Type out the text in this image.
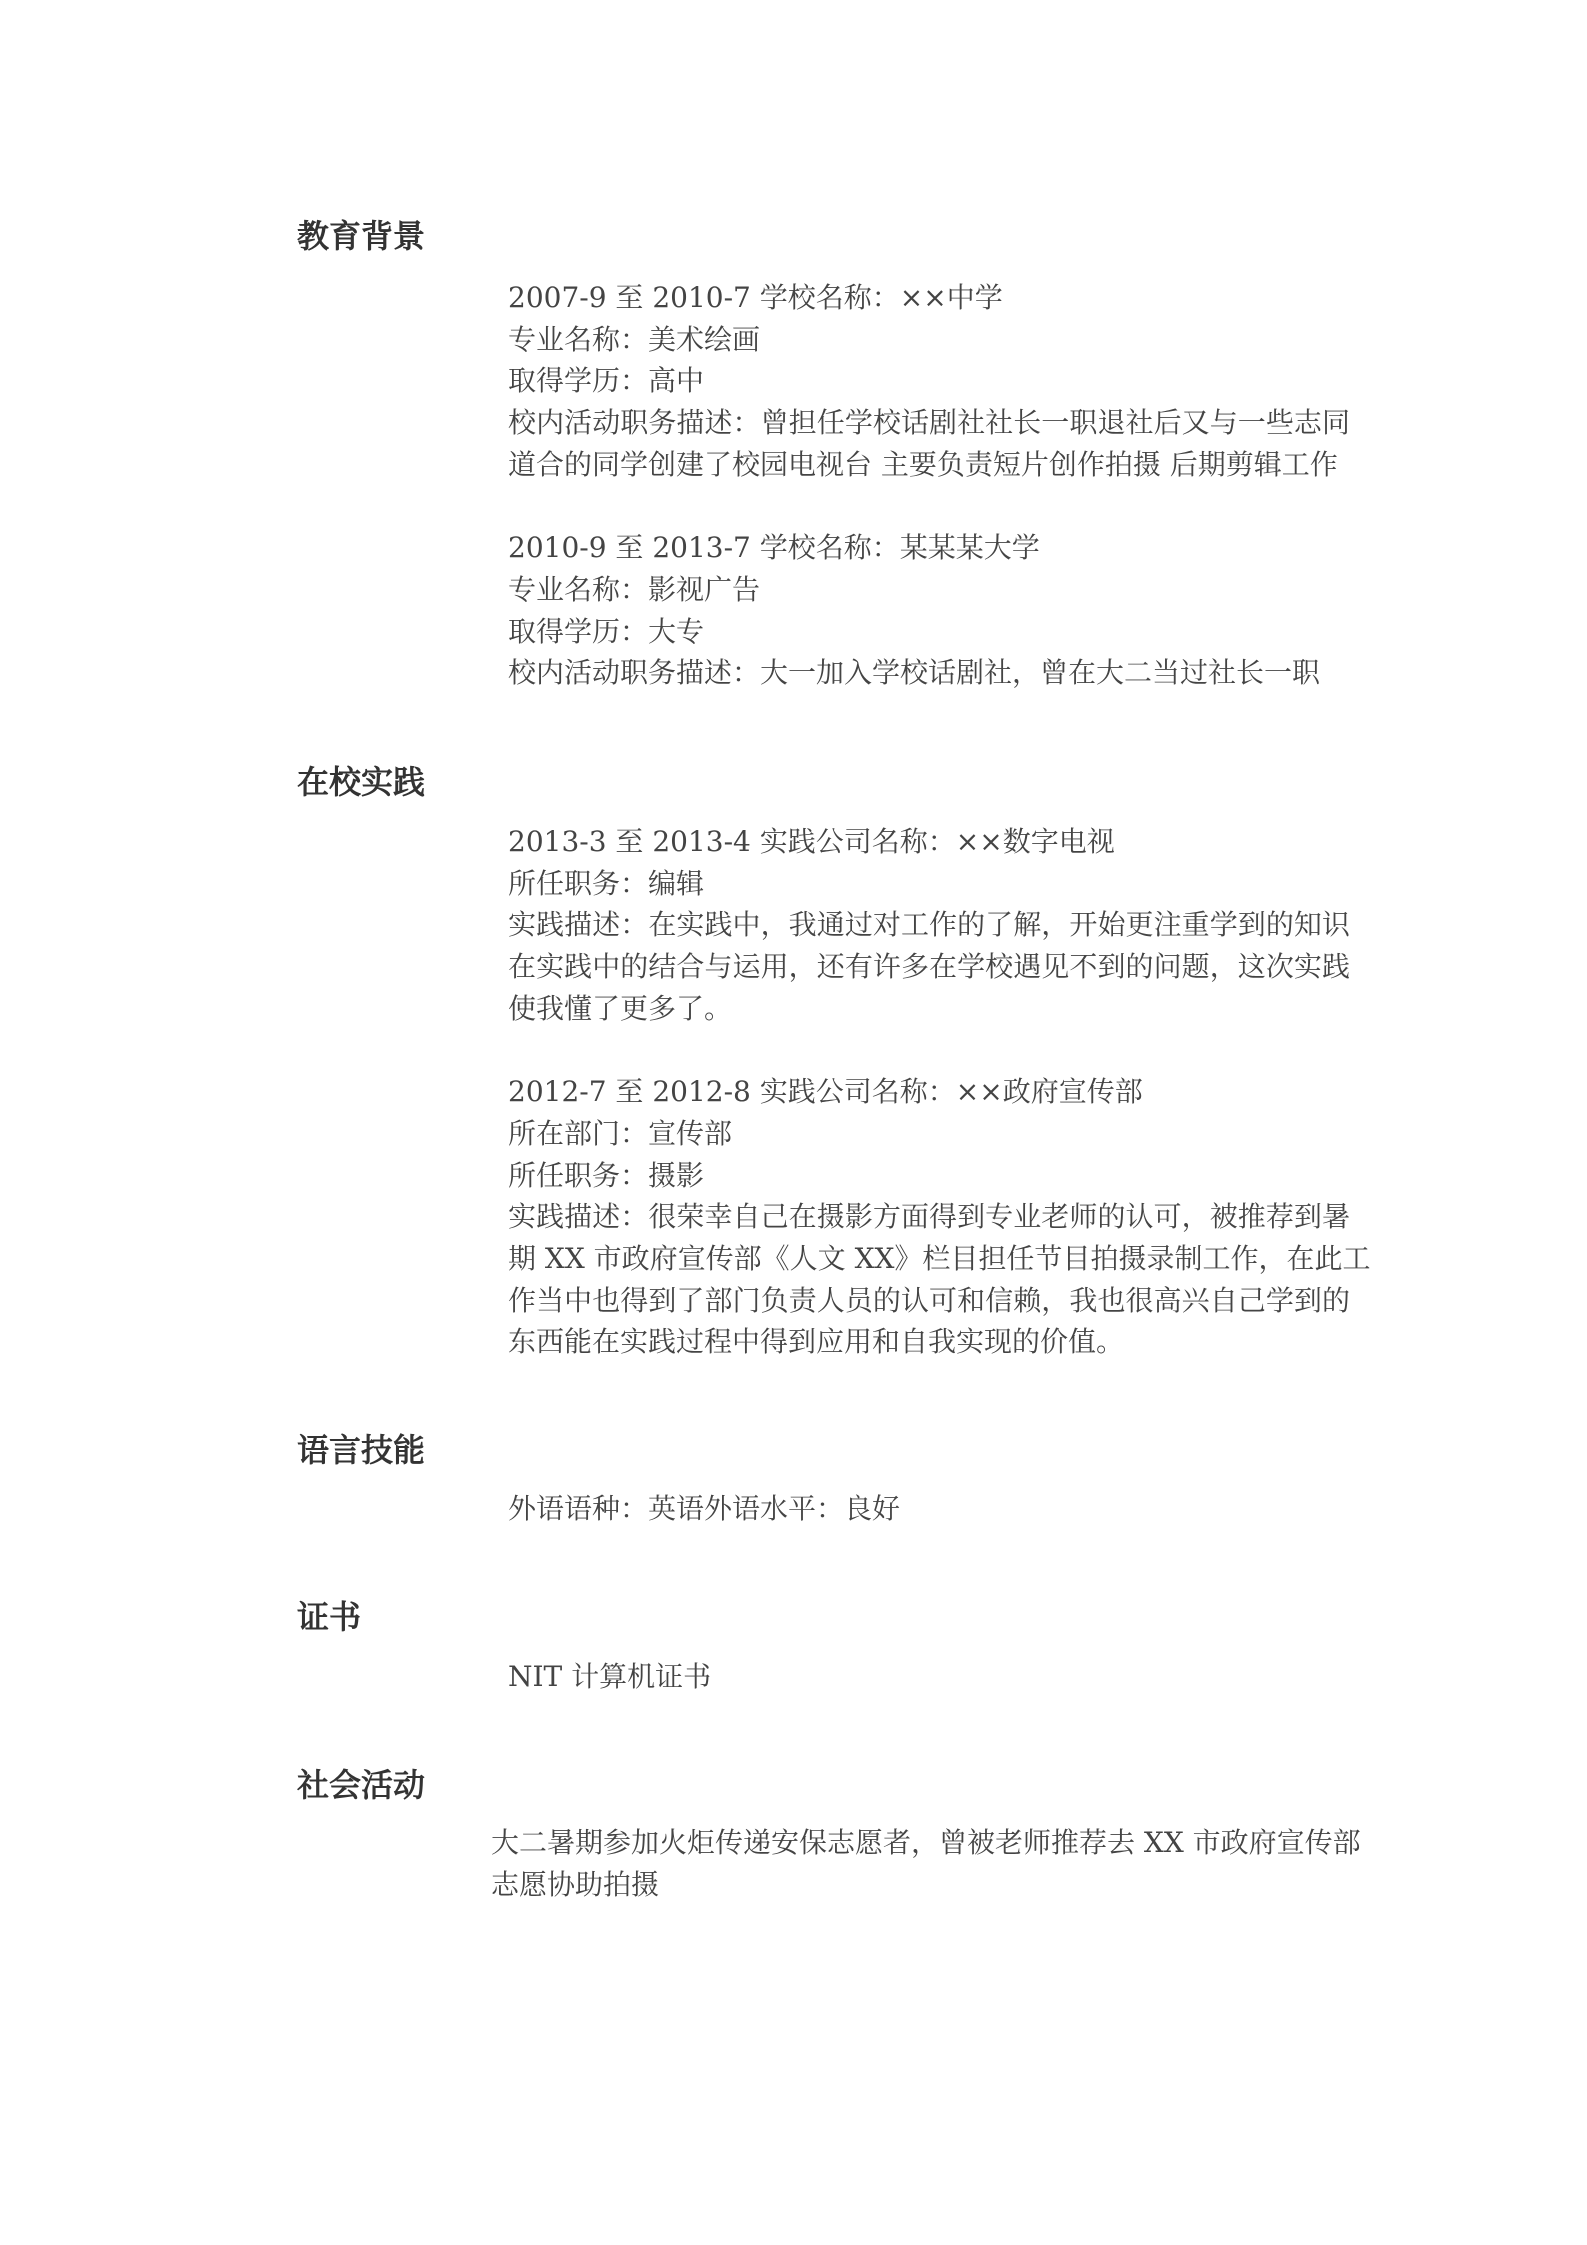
教育背景
2007-9 至 2010-7 学校名称：××中学
专业名称：美术绘画
取得学历：高中
校内活动职务描述：曾担任学校话剧社社长一职退社后又与一些志同
道合的同学创建了校园电视台 主要负责短片创作拍摄 后期剪辑工作
2010-9 至 2013-7 学校名称：某某某大学
专业名称：影视广告
取得学历：大专
校内活动职务描述：大一加入学校话剧社，曾在大二当过社长一职
在校实践
2013-3 至 2013-4 实践公司名称：××数字电视
所任职务：编辑
实践描述：在实践中，我通过对工作的了解，开始更注重学到的知识
在实践中的结合与运用，还有许多在学校遇见不到的问题，这次实践
使我懂了更多了。
2012-7 至 2012-8 实践公司名称：××政府宣传部
所在部门：宣传部
所任职务：摄影
实践描述：很荣幸自己在摄影方面得到专业老师的认可，被推荐到暑
期 XX 市政府宣传部《人文 XX》栏目担任节目拍摄录制工作，在此工
作当中也得到了部门负责人员的认可和信赖，我也很高兴自己学到的
东西能在实践过程中得到应用和自我实现的价值。
语言技能
外语语种：英语外语水平：良好
证书
NIT 计算机证书
社会活动
大二暑期参加火炬传递安保志愿者，曾被老师推荐去 XX 市政府宣传部
志愿协助拍摄
